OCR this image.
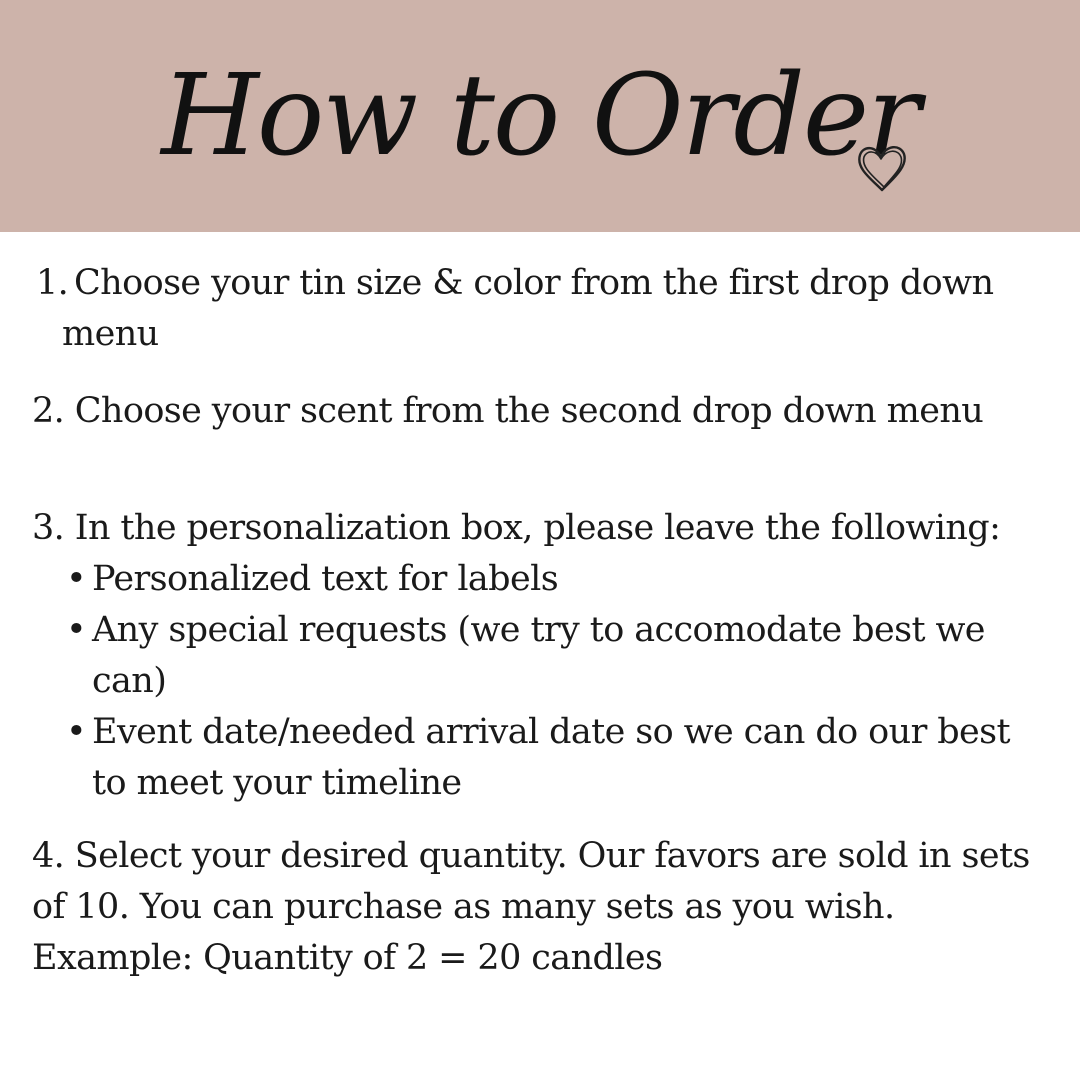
How to Order
1. Choose your tin size & color from the first drop down
menu

2. Choose your scent from the second drop down menu

3. In the personalization box, please leave the following:
• Personalized text for labels
• Any special requests (we try to accomodate best we can)
• Event date/needed arrival date so we can do our best to meet your timeline
4. Select your desired quantity. Our favors are sold in sets of 10. You can purchase as many sets as you wish.
Example: Quantity of 2 = 20 candles
